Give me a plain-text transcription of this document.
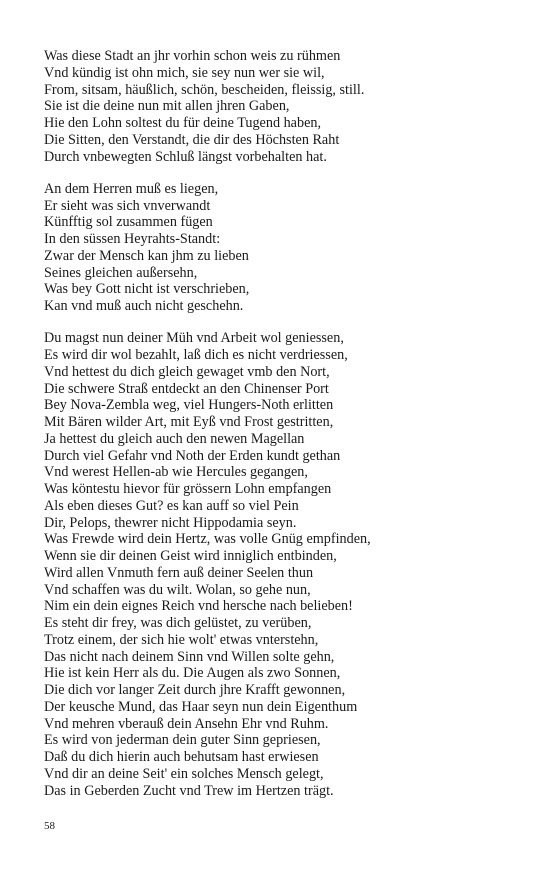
Was diese Stadt an jhr vorhin schon weis zu rühmen
Vnd kündig ist ohn mich, sie sey nun wer sie wil,
From, sitsam, häußlich, schön, bescheiden, fleissig, still.
Sie ist die deine nun mit allen jhren Gaben,
Hie den Lohn soltest du für deine Tugend haben,
Die Sitten, den Verstandt, die dir des Höchsten Raht
Durch vnbewegten Schluß längst vorbehalten hat.
An dem Herren muß es liegen,
Er sieht was sich vnverwandt
Künfftig sol zusammen fügen
In den süssen Heyrahts-Standt:
Zwar der Mensch kan jhm zu lieben
Seines gleichen außersehn,
Was bey Gott nicht ist verschrieben,
Kan vnd muß auch nicht geschehn.
Du magst nun deiner Müh vnd Arbeit wol geniessen,
Es wird dir wol bezahlt, laß dich es nicht verdriessen,
Vnd hettest du dich gleich gewaget vmb den Nort,
Die schwere Straß entdeckt an den Chinenser Port
Bey Nova-Zembla weg, viel Hungers-Noth erlitten
Mit Bären wilder Art, mit Eyß vnd Frost gestritten,
Ja hettest du gleich auch den newen Magellan
Durch viel Gefahr vnd Noth der Erden kundt gethan
Vnd werest Hellen-ab wie Hercules gegangen,
Was köntestu hievor für grössern Lohn empfangen
Als eben dieses Gut? es kan auff so viel Pein
Dir, Pelops, thewrer nicht Hippodamia seyn.
Was Frewde wird dein Hertz, was volle Gnüg empfinden,
Wenn sie dir deinen Geist wird inniglich entbinden,
Wird allen Vnmuth fern auß deiner Seelen thun
Vnd schaffen was du wilt. Wolan, so gehe nun,
Nim ein dein eignes Reich vnd hersche nach belieben!
Es steht dir frey, was dich gelüstet, zu verüben,
Trotz einem, der sich hie wolt' etwas vnterstehn,
Das nicht nach deinem Sinn vnd Willen solte gehn,
Hie ist kein Herr als du. Die Augen als zwo Sonnen,
Die dich vor langer Zeit durch jhre Krafft gewonnen,
Der keusche Mund, das Haar seyn nun dein Eigenthum
Vnd mehren vberauß dein Ansehn Ehr vnd Ruhm.
Es wird von jederman dein guter Sinn gepriesen,
Daß du dich hierin auch behutsam hast erwiesen
Vnd dir an deine Seit' ein solches Mensch gelegt,
Das in Geberden Zucht vnd Trew im Hertzen trägt.
58
